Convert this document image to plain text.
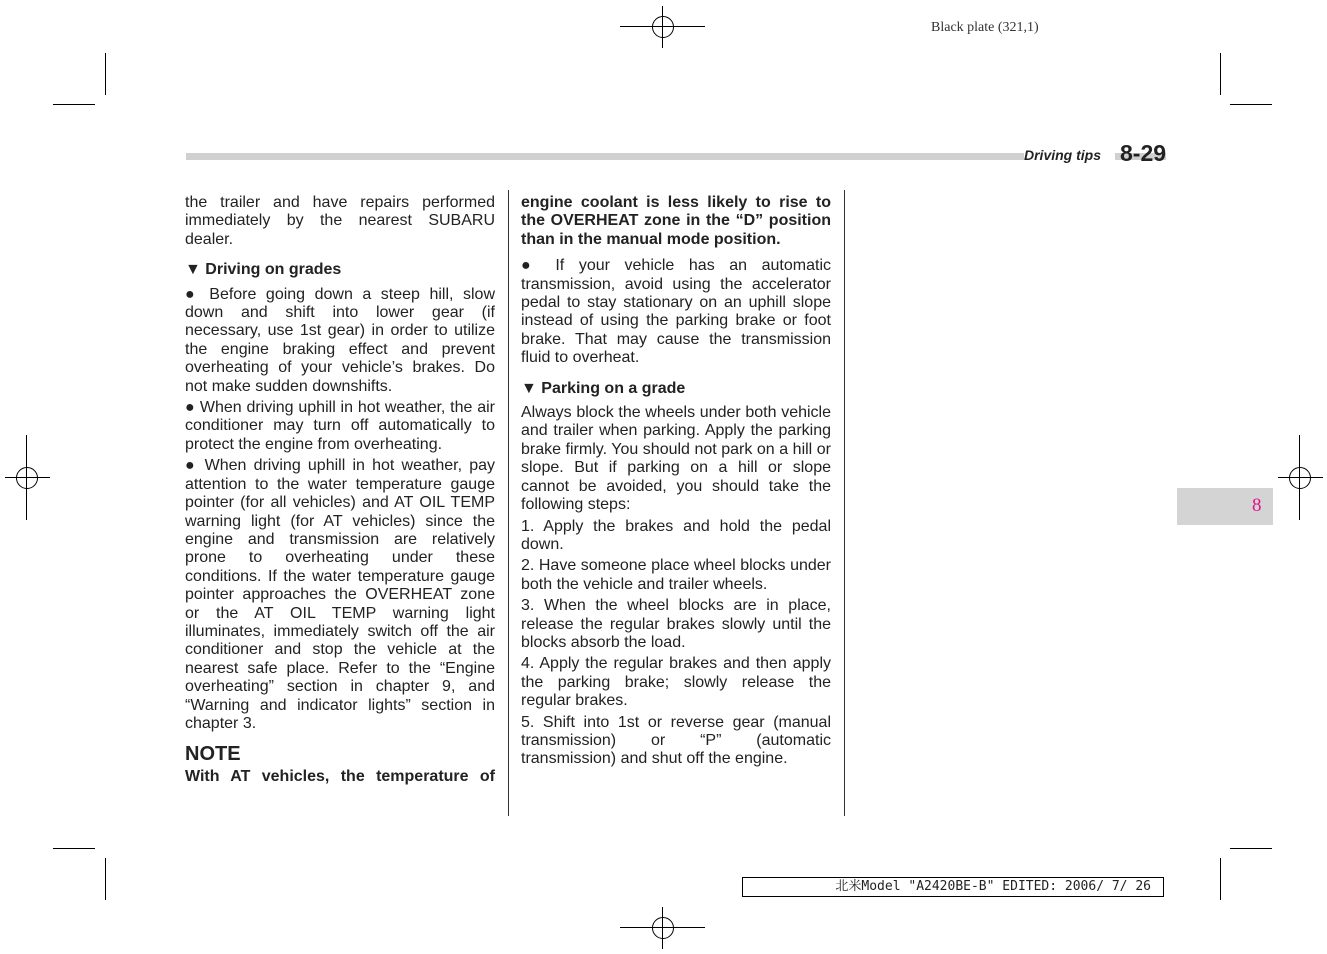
Black plate (321,1)
Driving tips 8-29

the trailer and have repairs performed immediately by the nearest SUBARU dealer.

▼ Driving on grades

● Before going down a steep hill, slow down and shift into lower gear (if necessary, use 1st gear) in order to utilize the engine braking effect and prevent overheating of your vehicle’s brakes. Do not make sudden downshifts.

● When driving uphill in hot weather, the air conditioner may turn off automatically to protect the engine from overheating.

● When driving uphill in hot weather, pay attention to the water temperature gauge pointer (for all vehicles) and AT OIL TEMP warning light (for AT vehicles) since the engine and transmission are relatively prone to overheating under these conditions. If the water temperature gauge pointer approaches the OVERHEAT zone or the AT OIL TEMP warning light illuminates, immediately switch off the air conditioner and stop the vehicle at the nearest safe place. Refer to the “Engine overheating” section in chapter 9, and “Warning and indicator lights” section in chapter 3.

NOTE

With AT vehicles, the temperature of

engine coolant is less likely to rise to the OVERHEAT zone in the “D” position than in the manual mode position.

● If your vehicle has an automatic transmission, avoid using the accelerator pedal to stay stationary on an uphill slope instead of using the parking brake or foot brake. That may cause the transmission fluid to overheat.

▼ Parking on a grade

Always block the wheels under both vehicle and trailer when parking. Apply the parking brake firmly. You should not park on a hill or slope. But if parking on a hill or slope cannot be avoided, you should take the following steps:

1. Apply the brakes and hold the pedal down.

2. Have someone place wheel blocks under both the vehicle and trailer wheels.

3. When the wheel blocks are in place, release the regular brakes slowly until the blocks absorb the load.

4. Apply the regular brakes and then apply the parking brake; slowly release the regular brakes.

5. Shift into 1st or reverse gear (manual transmission) or “P” (automatic transmission) and shut off the engine.

8
北米Model "A2420BE-B" EDITED: 2006/ 7/ 26
